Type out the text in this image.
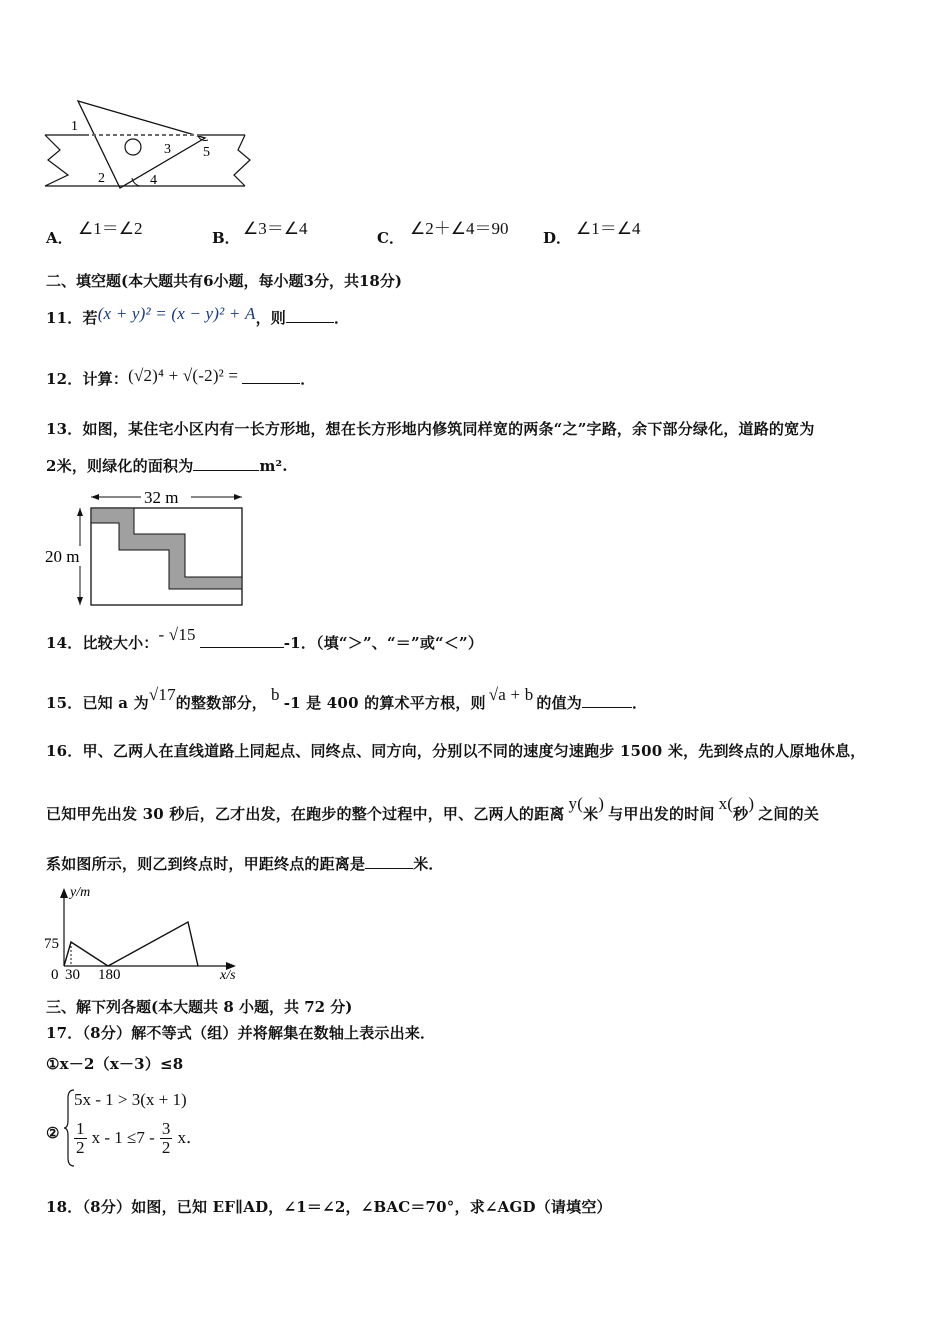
1
2
3
4
5
A． ∠1＝∠2	B． ∠3＝∠4	C． ∠2＋∠4＝90 D． ∠1＝∠4
二、填空题(本大题共有6小题，每小题3分，共18分)
11．若(x + y)² = (x − y)² + A，则	．
12．计算：(√2)⁴ + √(-2)² =	．
13．如图，某住宅小区内有一长方形地，想在长方形地内修筑同样宽的两条“之”字路，余下部分绿化，道路的宽为
2米，则绿化的面积为	m².
32 m
20 m
14．比较大小：- √15	-1．（填“＞”、“＝”或“＜”）
15．已知 a 为√17的整数部分， b -1 是 400 的算术平方根，则 √a + b 的值为	．
16．甲、乙两人在直线道路上同起点、同终点、同方向，分别以不同的速度匀速跑步 1500 米，先到终点的人原地休息，
已知甲先出发 30 秒后，乙才出发，在跑步的整个过程中，甲、乙两人的距离y(米)与甲出发的时间x(秒)之间的关
系如图所示，则乙到终点时，甲距终点的距离是	米．
y/m
x/s
75
0 30 180
三、解下列各题(本大题共 8 小题，共 72 分)
17．（8分）解不等式（组）并将解集在数轴上表示出来．
①x－2（x－3）≤8
②
5x - 1 > 3(x + 1)
$\frac{1}{2}$ $x - 1 \le 7 - \frac{3}{2}$ x．
18．（8分）如图，已知 EF∥AD，∠1＝∠2，∠BAC＝70°，求∠AGD（请填空）
